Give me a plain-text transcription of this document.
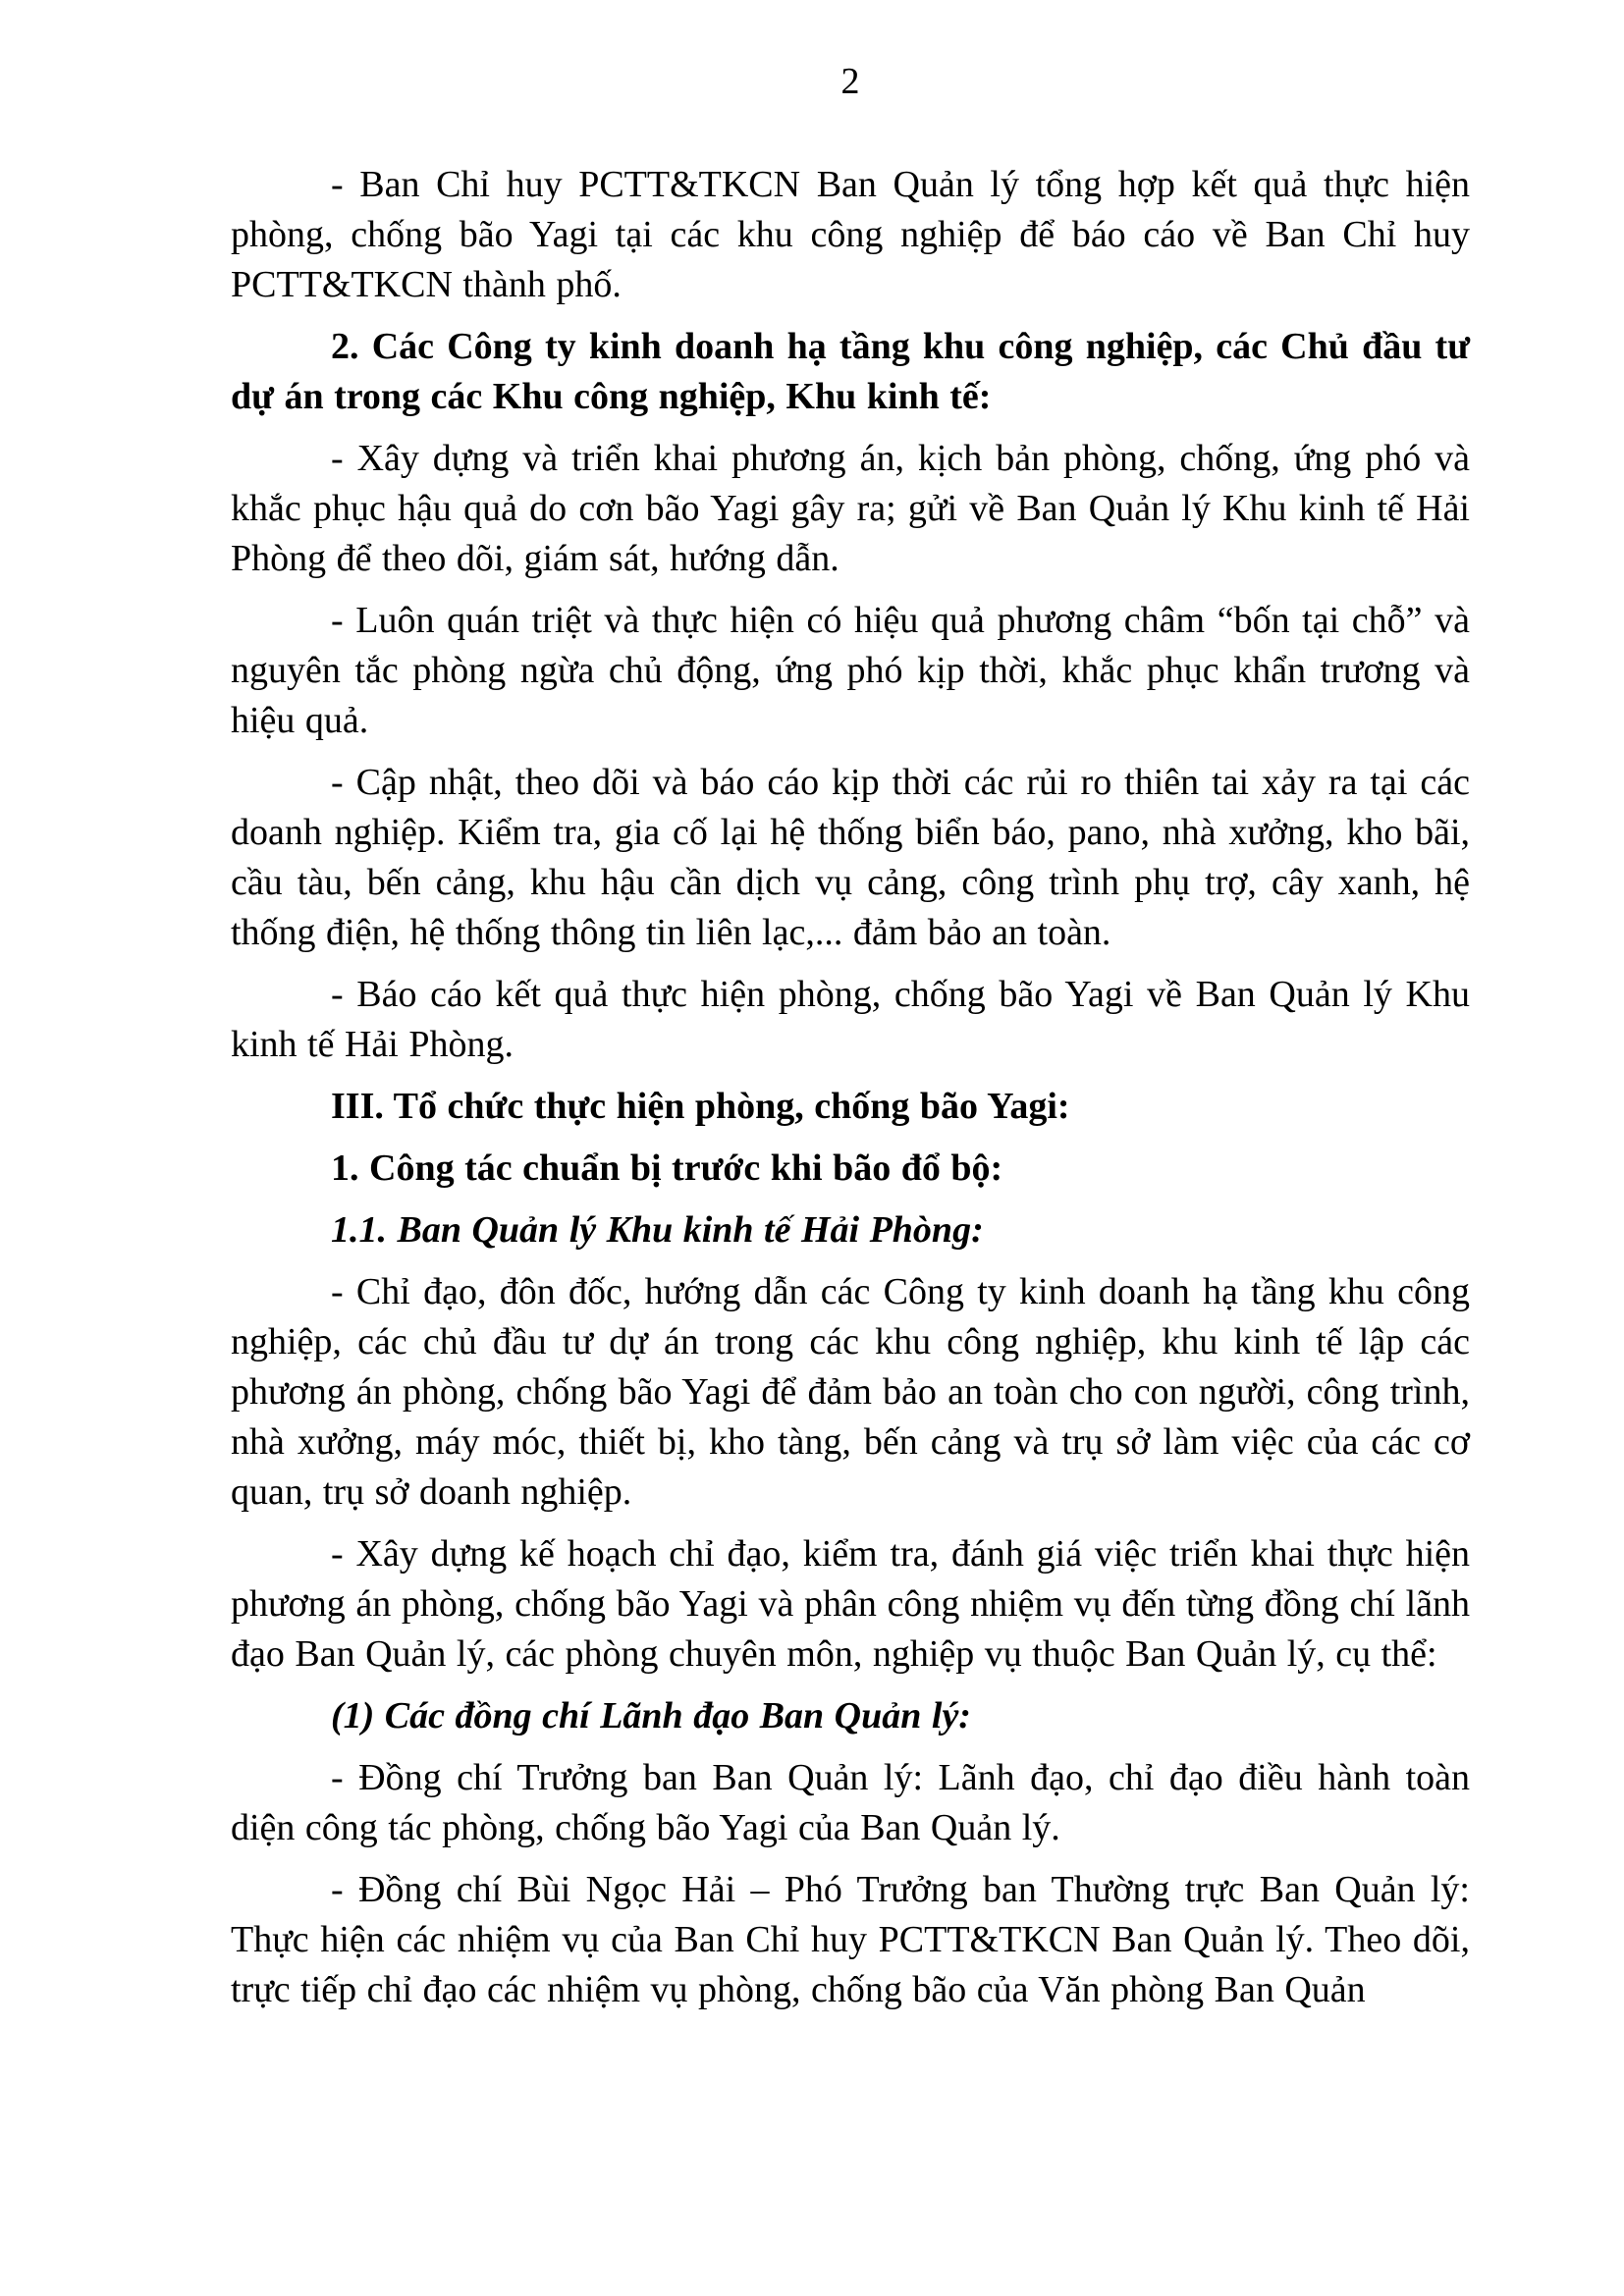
2

- Ban Chỉ huy PCTT&TKCN Ban Quản lý tổng hợp kết quả thực hiện phòng, chống bão Yagi tại các khu công nghiệp để báo cáo về Ban Chỉ huy PCTT&TKCN thành phố.

2. Các Công ty kinh doanh hạ tầng khu công nghiệp, các Chủ đầu tư dự án trong các Khu công nghiệp, Khu kinh tế:

- Xây dựng và triển khai phương án, kịch bản phòng, chống, ứng phó và khắc phục hậu quả do cơn bão Yagi gây ra; gửi về Ban Quản lý Khu kinh tế Hải Phòng để theo dõi, giám sát, hướng dẫn.

- Luôn quán triệt và thực hiện có hiệu quả phương châm “bốn tại chỗ” và nguyên tắc phòng ngừa chủ động, ứng phó kịp thời, khắc phục khẩn trương và hiệu quả.

- Cập nhật, theo dõi và báo cáo kịp thời các rủi ro thiên tai xảy ra tại các doanh nghiệp. Kiểm tra, gia cố lại hệ thống biển báo, pano, nhà xưởng, kho bãi, cầu tàu, bến cảng, khu hậu cần dịch vụ cảng, công trình phụ trợ, cây xanh, hệ thống điện, hệ thống thông tin liên lạc,... đảm bảo an toàn.

- Báo cáo kết quả thực hiện phòng, chống bão Yagi về Ban Quản lý Khu kinh tế Hải Phòng.

III. Tổ chức thực hiện phòng, chống bão Yagi:

1. Công tác chuẩn bị trước khi bão đổ bộ:

1.1. Ban Quản lý Khu kinh tế Hải Phòng:

- Chỉ đạo, đôn đốc, hướng dẫn các Công ty kinh doanh hạ tầng khu công nghiệp, các chủ đầu tư dự án trong các khu công nghiệp, khu kinh tế lập các phương án phòng, chống bão Yagi để đảm bảo an toàn cho con người, công trình, nhà xưởng, máy móc, thiết bị, kho tàng, bến cảng và trụ sở làm việc của các cơ quan, trụ sở doanh nghiệp.

- Xây dựng kế hoạch chỉ đạo, kiểm tra, đánh giá việc triển khai thực hiện phương án phòng, chống bão Yagi và phân công nhiệm vụ đến từng đồng chí lãnh đạo Ban Quản lý, các phòng chuyên môn, nghiệp vụ thuộc Ban Quản lý, cụ thể:

(1) Các đồng chí Lãnh đạo Ban Quản lý:

- Đồng chí Trưởng ban Ban Quản lý: Lãnh đạo, chỉ đạo điều hành toàn diện công tác phòng, chống bão Yagi của Ban Quản lý.

- Đồng chí Bùi Ngọc Hải – Phó Trưởng ban Thường trực Ban Quản lý: Thực hiện các nhiệm vụ của Ban Chỉ huy PCTT&TKCN Ban Quản lý. Theo dõi, trực tiếp chỉ đạo các nhiệm vụ phòng, chống bão của Văn phòng Ban Quản
